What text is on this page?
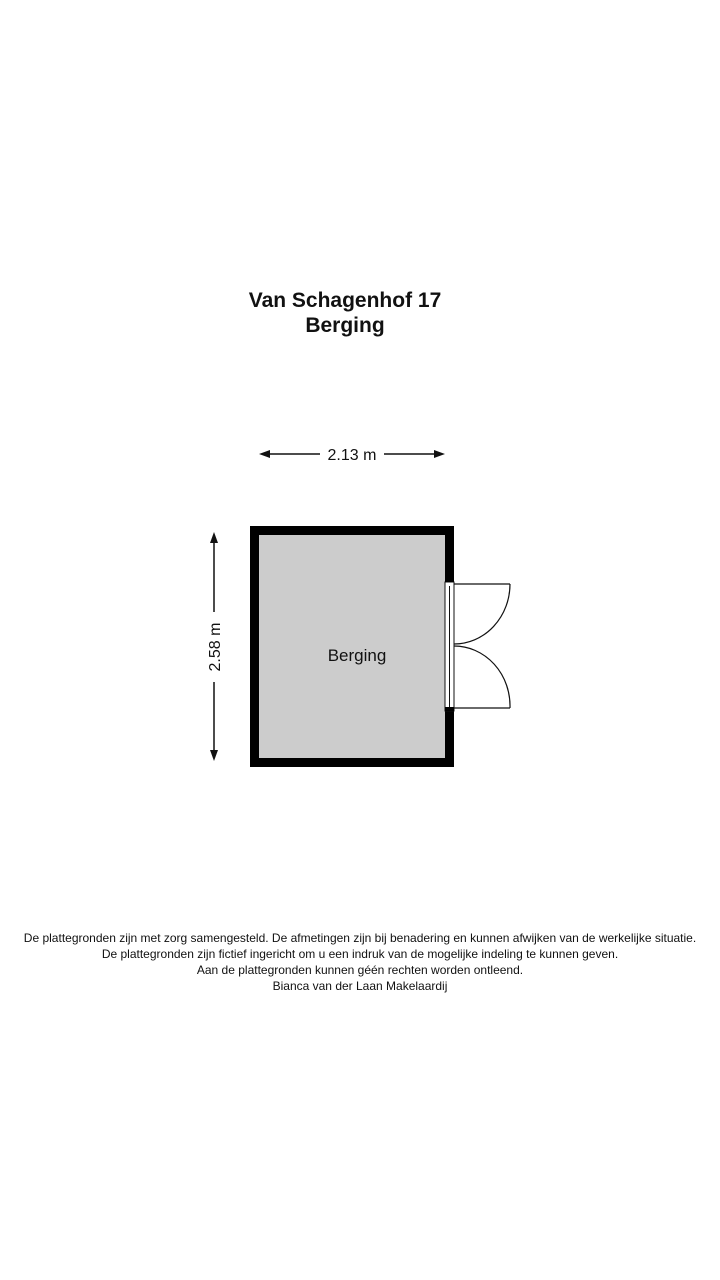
Van Schagenhof 17
Berging
2.13 m
2.58 m	Berging
De plattegronden zijn met zorg samengesteld. De afmetingen zijn bij benadering en kunnen afwijken van de werkelijke situatie.
De plattegronden zijn fictief ingericht om u een indruk van de mogelijke indeling te kunnen geven.
Aan de plattegronden kunnen géén rechten worden ontleend.
Bianca van der Laan Makelaardij
